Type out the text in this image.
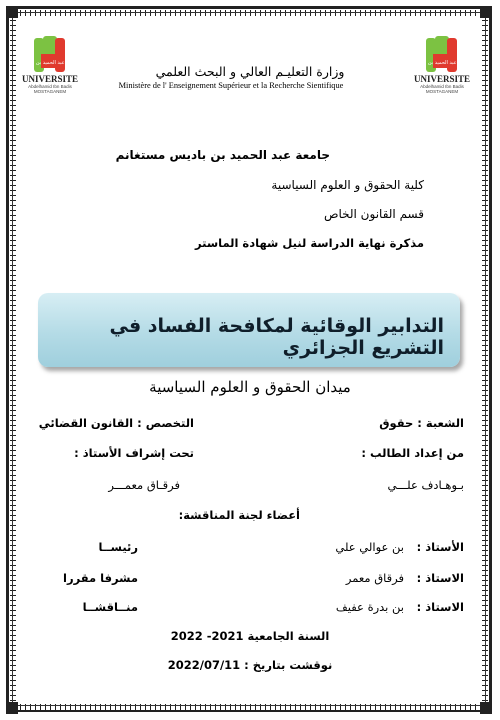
جامعة عبد الحميد بن باديس
UNIVERSITE
Abdelhamid Ibn Badis
MOSTAGANEM
جامعة عبد الحميد بن باديس
UNIVERSITE
Abdelhamid Ibn Badis
MOSTAGANEM
وزارة التعليـم العالي و البحث العلمي
Ministère de l' Enseignement Supérieur et la Recherche Sientifique
جامعة عبد الحميد بن باديس مستغانم
كلية الحقوق و العلوم السياسية
قسم القانون الخاص
مذكرة نهاية الدراسة لنيل شهادة الماستر
التدابير الوقائية لمكافحة الفساد في التشريع الجزائري
ميدان الحقوق و العلوم السياسية
الشعبة : حقوق
التخصص : القانون القضائي
من إعداد الطالب :
تحت إشراف الأستاذ :
بـوهـادف علـــي
فرقـاق معمـــر
أعضاء لجنة المناقشة:
الأستاذ :
بن عوالي علي
رئيســا
الاستاذ :
فرقاق معمر
مشرفا مقررا
الاستاذ :
بن بدرة عفيف
منــاقشــا
السنة الجامعية 2021- 2022
نوقشت بتاريخ : 2022/07/11
